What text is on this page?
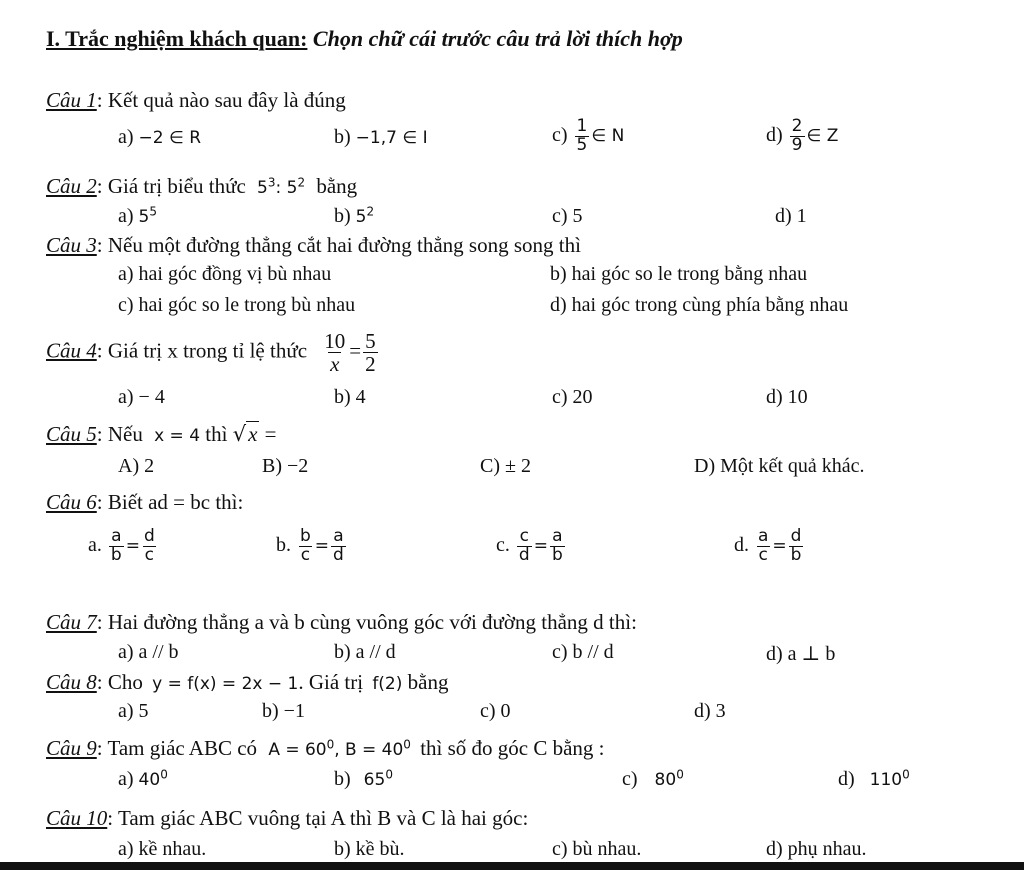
I. Trắc nghiệm khách quan: Chọn chữ cái trước câu trả lời thích hợp
Câu 1: Kết quả nào sau đây là đúng
a) −2 ∈ R	b) −1,7 ∈ I	$c) \frac{1}{5}$ ∈ N	$d) \frac{2}{9}$ ∈ Z
Câu 2: Giá trị biểu thức $5^3$: $5^2$ bằng
a) $5^5$	b) $5^2$	c) 5	d) 1
Câu 3: Nếu một đường thẳng cắt hai đường thẳng song song thì
a) hai góc đồng vị bù nhau	b) hai góc so le trong bằng nhau
c) hai góc so le trong bù nhau	d) hai góc trong cùng phía bằng nhau
Câu 4: Giá trị x trong tỉ lệ thức $\frac{10}{x} = \frac{5}{2}$
a) − 4	b) 4	c) 20	d) 10
Câu 5: Nếu x = 4 thì √x =
A) 2	B) −2	C) ± 2	D) Một kết quả khác.
Câu 6: Biết ad = bc thì:
a. $\frac{a}{b} = \frac{d}{c}$	b. $\frac{b}{c} = \frac{a}{d}$	c. $\frac{c}{d} = \frac{a}{b}$	d. $\frac{a}{c} = \frac{d}{b}$
Câu 7: Hai đường thẳng a và b cùng vuông góc với đường thẳng d thì:
a) a // b	b) a // d	c) b // d	d) a ⊥ b
Câu 8: Cho y = f(x) = 2x − 1. Giá trị f(2) bằng
a) 5	b) −1	c) 0	d) 3
Câu 9: Tam giác ABC có $A = 60^0$, $B = 40^0$ thì số đo góc C bằng :
a) $40^0$	b) $65^0$	c) $80^0$	d) $110^0$
Câu 10: Tam giác ABC vuông tại A thì B và C là hai góc:
a) kề nhau.	b) kề bù.	c) bù nhau.	d) phụ nhau.
